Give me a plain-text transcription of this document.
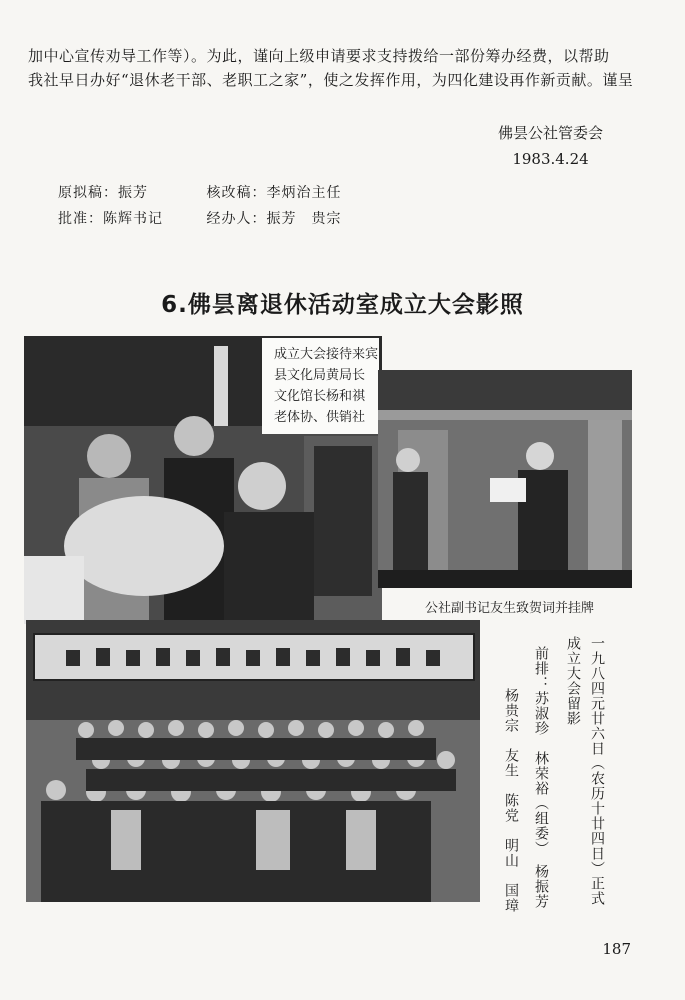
加中心宣传劝导工作等）。为此，谨向上级申请要求支持拨给一部份筹办经费，以帮助
我社早日办好“退休老干部、老职工之家”，使之发挥作用，为四化建设再作新贡献。谨呈
佛昙公社管委会
1983.4.24
原拟稿：振芳	核改稿：李炳治主任
批准：陈辉书记	经办人：振芳　贵宗
6.佛昙离退休活动室成立大会影照
成立大会接待来宾
县文化局黄局长
文化馆长杨和祺
老体协、供销社
公社副书记友生致贺词并挂牌
一九八四元廿六日（农历十廿四日）正式
成立大会留影
前排：苏淑珍　林荣裕（组委）　杨振芳
杨贵宗　友生　陈党　明山　国璋
187
